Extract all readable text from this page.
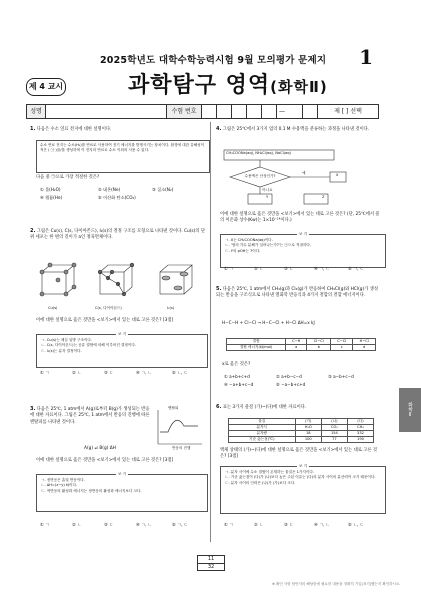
2025학년도 대학수학능력시험 9월 모의평가 문제지 1
제 4 교시	과학탐구 영역(화학Ⅱ)
성명	수험 번호	—	제 [ ] 선택
1. 다음은 수소 연료 전지에 대한 설명이다.
수소 연료 전지는 수소(H₂)를 연료로 사용하여 전기 에너지를 발생시키는 장치이다. 환경에 대한 유해성이 적은 ( ㉠ )을/를 생성하며 이 전지의 연료로 수소 이외의 사용 수 있다.
다음 중 ㉠으로 가장 적절한 것은?
① 물(H₂O)	② 네온(Ne)	③ 질소(N₂)
④ 헬륨(He)	⑤ 이산화 탄소(CO₂)
2. 그림은 Cu(s), C(s, 다이아몬드), I₂(s)의 결정 구조를 모형으로 나타낸 것이다. Cu(s)의 단위 세포는 한 변의 길이가 a인 정육면체이다.
Cu(s)	C(s, 다이아몬드)	I₂(s)
이에 대한 설명으로 옳은 것만을 <보기>에서 있는 대로 고른 것은? [3점]
보 기
ㄱ. Cu(s)는 체심 입방 구조이다.
ㄴ. C(s, 다이아몬드)는 공유 결합에 의해 이루어진 결정이다.
ㄷ. I₂(s)는 분자 결정이다.
① ㄱ	② ㄴ	③ ㄷ	④ ㄱ, ㄴ	⑤ ㄴ, ㄷ
3. 다음은 25℃, 1 atm에서 A(g)로부터 B(g)가 생성되는 반응에 대한 자료이다. 그림은 25℃, 1 atm에서 반응의 진행에 따른 엔탈피를 나타낸 것이다.
엔탈피
반응의 진행
A(g) ⇌ B(g) ΔH
이에 대한 설명으로 옳은 것만을 <보기>에서 있는 대로 고른 것은? [3점]
보 기
ㄱ. 정반응은 흡열 반응이다.
ㄴ. ΔH=(z−y) kJ이다.
ㄷ. 역반응의 활성화 에너지는 정반응의 활성화 에너지보다 크다.
① ㄱ	② ㄴ	③ ㄷ	④ ㄱ, ㄴ	⑤ ㄱ, ㄷ
4. 그림은 25℃에서 3가지 염의 0.1 M 수용액을 분류하는 과정을 나타낸 것이다.
CH₃COONa(aq), NH₄Cl(aq), NaCl(aq)
수용액은 산성인가?
예
아니요
X
Y	Z
이에 대한 설명으로 옳은 것만을 <보기>에서 있는 대로 고른 것은? (단, 25℃에서 물의 이온화 상수(Kw)는 1×10⁻¹⁴이다.)
보 기
ㄱ. X는 CH₃COONa(aq)이다.
ㄴ. '염의 가수 분해가 일어나는가?'는 ㉠으로 적절하다.
ㄷ. Y의 pOH는 7이다.
① ㄱ	② ㄴ	③ ㄷ	④ ㄱ, ㄴ	⑤ ㄱ, ㄷ
5. 다음은 25℃, 1 atm에서 CH₄(g)과 Cl₂(g)가 반응하여 CH₃Cl(g)와 HCl(g)가 생성되는 반응을 구조식으로 나타낸 열화학 반응식과 4가지 결합의 결합 에너지이다.
H−C−H + Cl−Cl → H−C−Cl + H−Cl ΔH=x kJ
결합	C−H	Cl−Cl	C−Cl	H−Cl
결합 에너지(kJ/mol)	a	b	c	d
x로 옳은 것은?
① a+b+c+d	② a+b−c−d	③ a−b+c−d
④ −a+b+c−d	⑤ −a−b+c+d
6. 표는 3가지 물질 (가)~(다)에 대한 자료이다.
물질	(가)	(나)	(다)
분자식	H₂O	CO₂	CH₄
분자량	18	154	332
기준 끓는점(℃)	100	77	190
액체 상태의 (가)~(다)에 대한 설명으로 옳은 것만을 <보기>에서 있는 대로 고른 것은? [3점]
보 기
ㄱ. 분자 사이에 수소 결합이 존재하는 물질은 1가지이다.
ㄴ. 기준 끓는점이 (다)가 (나)보다 높은 주된 이유는 (다)의 분자 사이의 분산력이 크기 때문이다.
ㄷ. 분자 사이의 인력은 (나)가 (가)보다 크다.
① ㄱ	② ㄴ	③ ㄷ	④ ㄱ, ㄴ	⑤ ㄴ, ㄷ
화학Ⅱ
11
32
※ 확인 사항 답안지의 해당란에 필요한 내용을 정확히 기입(표기)했는지 확인하시오.
